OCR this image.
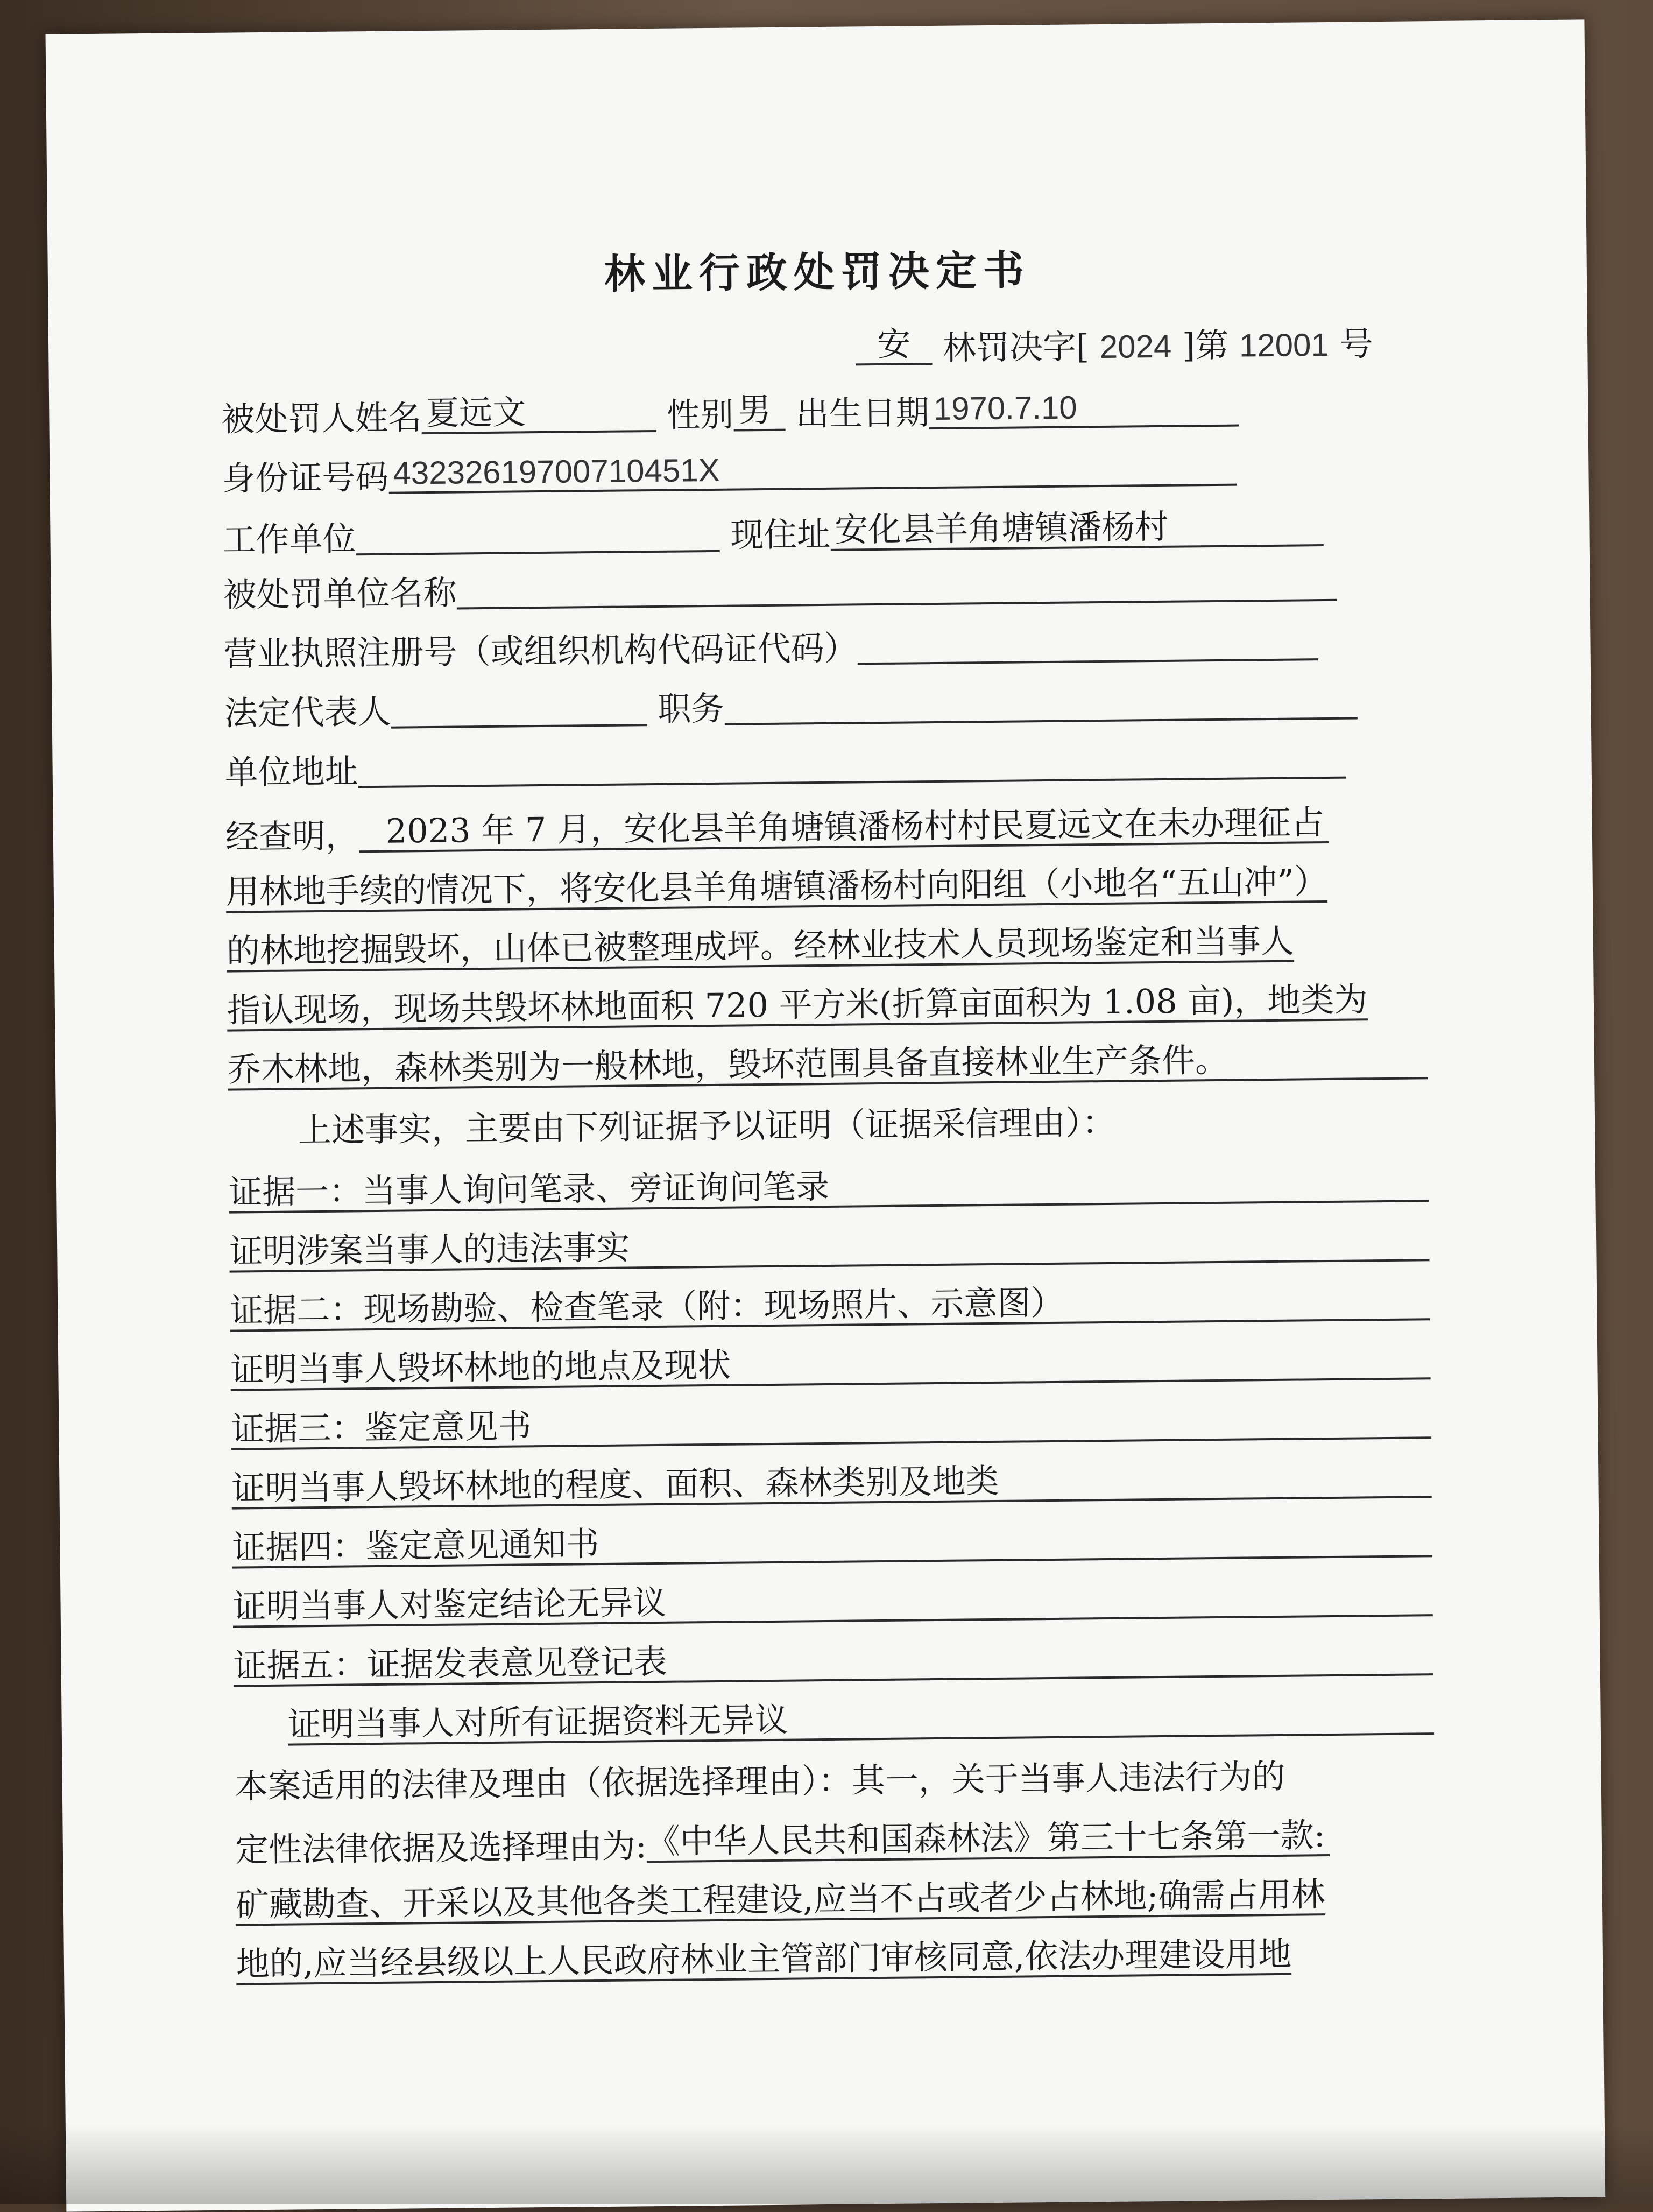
林业行政处罚决定书
安 林罚决字[ 2024 ]第 12001 号
被处罚人姓名 夏远文	性别 男 出生日期 1970.7.10
身份证号码 43232619700710451X
工作单位	现住址 安化县羊角塘镇潘杨村
被处罚单位名称
营业执照注册号（或组织机构代码证代码）
法定代表人	职务
单位地址
经查明， 2023 年 7 月，安化县羊角塘镇潘杨村村民夏远文在未办理征占
用林地手续的情况下，将安化县羊角塘镇潘杨村向阳组（小地名“五山冲”）
的林地挖掘毁坏，山体已被整理成坪。经林业技术人员现场鉴定和当事人
指认现场，现场共毁坏林地面积 720 平方米(折算亩面积为 1.08 亩)，地类为
乔木林地，森林类别为一般林地，毁坏范围具备直接林业生产条件。
上述事实，主要由下列证据予以证明（证据采信理由）：
证据一：当事人询问笔录、旁证询问笔录
证明涉案当事人的违法事实
证据二：现场勘验、检查笔录（附：现场照片、示意图）
证明当事人毁坏林地的地点及现状
证据三：鉴定意见书
证明当事人毁坏林地的程度、面积、森林类别及地类
证据四：鉴定意见通知书
证明当事人对鉴定结论无异议
证据五：证据发表意见登记表
证明当事人对所有证据资料无异议
本案适用的法律及理由（依据选择理由）：其一，关于当事人违法行为的
定性法律依据及选择理由为:《中华人民共和国森林法》第三十七条第一款:
矿藏勘查、开采以及其他各类工程建设,应当不占或者少占林地;确需占用林
地的,应当经县级以上人民政府林业主管部门审核同意,依法办理建设用地
